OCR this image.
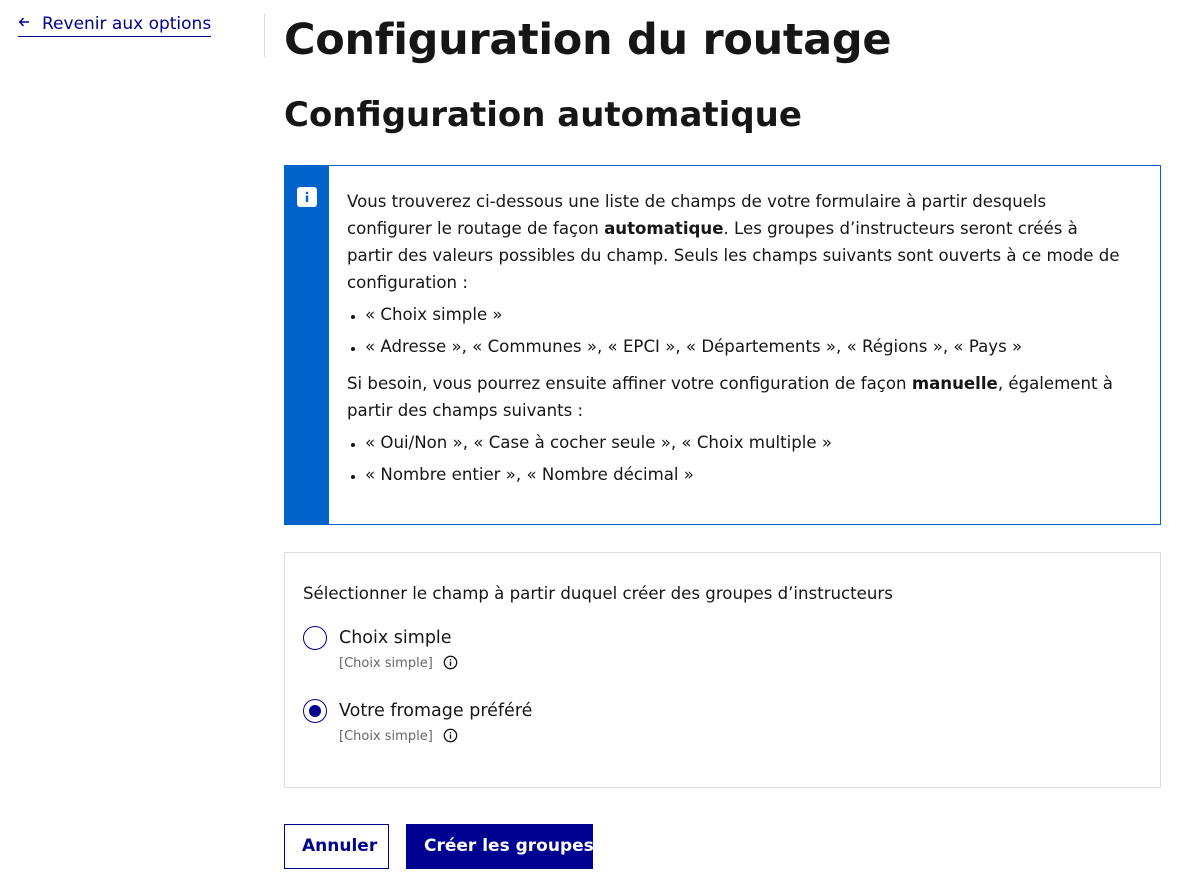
Revenir aux options Configuration du routage
Configuration automatique

Vous trouverez ci-dessous une liste de champs de votre formulaire à partir desquels configurer le routage de façon automatique. Les groupes d’instructeurs seront créés à partir des valeurs possibles du champ. Seuls les champs suivants sont ouverts à ce mode de configuration :

• « Choix simple »
• « Adresse », « Communes », « EPCI », « Départements », « Régions », « Pays »

Si besoin, vous pourrez ensuite affiner votre configuration de façon manuelle, également à partir des champs suivants :

• « Oui/Non », « Case à cocher seule », « Choix multiple »
• « Nombre entier », « Nombre décimal »
Sélectionner le champ à partir duquel créer des groupes d’instructeurs
Choix simple
[Choix simple]
Votre fromage préféré
[Choix simple]
Annuler	Créer les groupes
